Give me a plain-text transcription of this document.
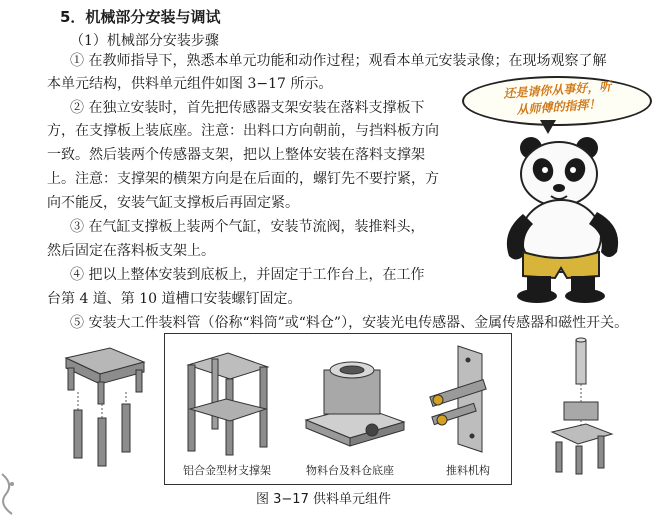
5．机械部分安装与调试
（1）机械部分安装步骤

① 在教师指导下，熟悉本单元功能和动作过程；观看本单元安装录像；在现场观察了解

本单元结构，供料单元组件如图 3−17 所示。

② 在独立安装时，首先把传感器支架安装在落料支撑板下

方，在支撑板上装底座。注意：出料口方向朝前，与挡料板方向

一致。然后装两个传感器支架，把以上整体安装在落料支撑架

上。注意：支撑架的横架方向是在后面的，螺钉先不要拧紧，方

向不能反，安装气缸支撑板后再固定紧。

③ 在气缸支撑板上装两个气缸，安装节流阀，装推料头，

然后固定在落料板支架上。

④ 把以上整体安装到底板上，并固定于工作台上，在工作

台第 4 道、第 10 道槽口安装螺钉固定。

⑤ 安装大工件装料管（俗称“料筒”或“料仓”），安装光电传感器、金属传感器和磁性开关。

还是请你从事好，听
从师傅的指挥！
铝合金型材支撑架	物料台及料仓底座	推料机构
图 3−17 供料单元组件
